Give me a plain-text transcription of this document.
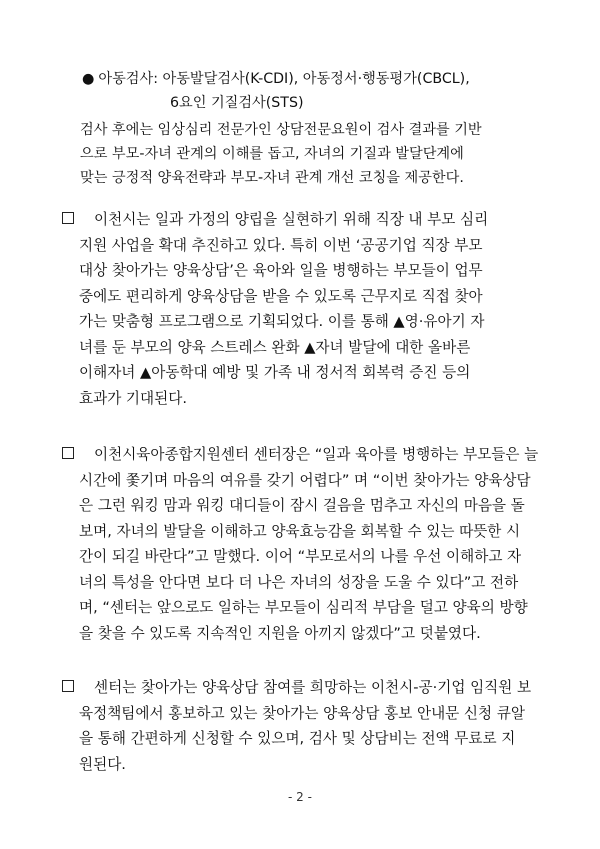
● 아동검사: 아동발달검사(K-CDI), 아동정서·행동평가(CBCL),
6요인 기질검사(STS)
검사 후에는 임상심리 전문가인 상담전문요원이 검사 결과를 기반
으로 부모-자녀 관계의 이해를 돕고, 자녀의 기질과 발달단계에
맞는 긍정적 양육전략과 부모-자녀 관계 개선 코칭을 제공한다.
이천시는 일과 가정의 양립을 실현하기 위해 직장 내 부모 심리
지원 사업을 확대 추진하고 있다. 특히 이번 ‘공공기업 직장 부모
대상 찾아가는 양육상담’은 육아와 일을 병행하는 부모들이 업무
중에도 편리하게 양육상담을 받을 수 있도록 근무지로 직접 찾아
가는 맞춤형 프로그램으로 기획되었다. 이를 통해 ▲영·유아기 자
녀를 둔 부모의 양육 스트레스 완화 ▲자녀 발달에 대한 올바른
이해자녀 ▲아동학대 예방 및 가족 내 정서적 회복력 증진 등의
효과가 기대된다.
이천시육아종합지원센터 센터장은 “일과 육아를 병행하는 부모들은 늘
시간에 쫓기며 마음의 여유를 갖기 어렵다” 며 “이번 찾아가는 양육상담
은 그런 워킹 맘과 워킹 대디들이 잠시 걸음을 멈추고 자신의 마음을 돌
보며, 자녀의 발달을 이해하고 양육효능감을 회복할 수 있는 따뜻한 시
간이 되길 바란다”고 말했다. 이어 “부모로서의 나를 우선 이해하고 자
녀의 특성을 안다면 보다 더 나은 자녀의 성장을 도울 수 있다”고 전하
며, “센터는 앞으로도 일하는 부모들이 심리적 부담을 덜고 양육의 방향
을 찾을 수 있도록 지속적인 지원을 아끼지 않겠다”고 덧붙였다.
센터는 찾아가는 양육상담 참여를 희망하는 이천시-공·기업 임직원 보
육정책팀에서 홍보하고 있는 찾아가는 양육상담 홍보 안내문 신청 큐알
을 통해 간편하게 신청할 수 있으며, 검사 및 상담비는 전액 무료로 지
원된다.
- 2 -
